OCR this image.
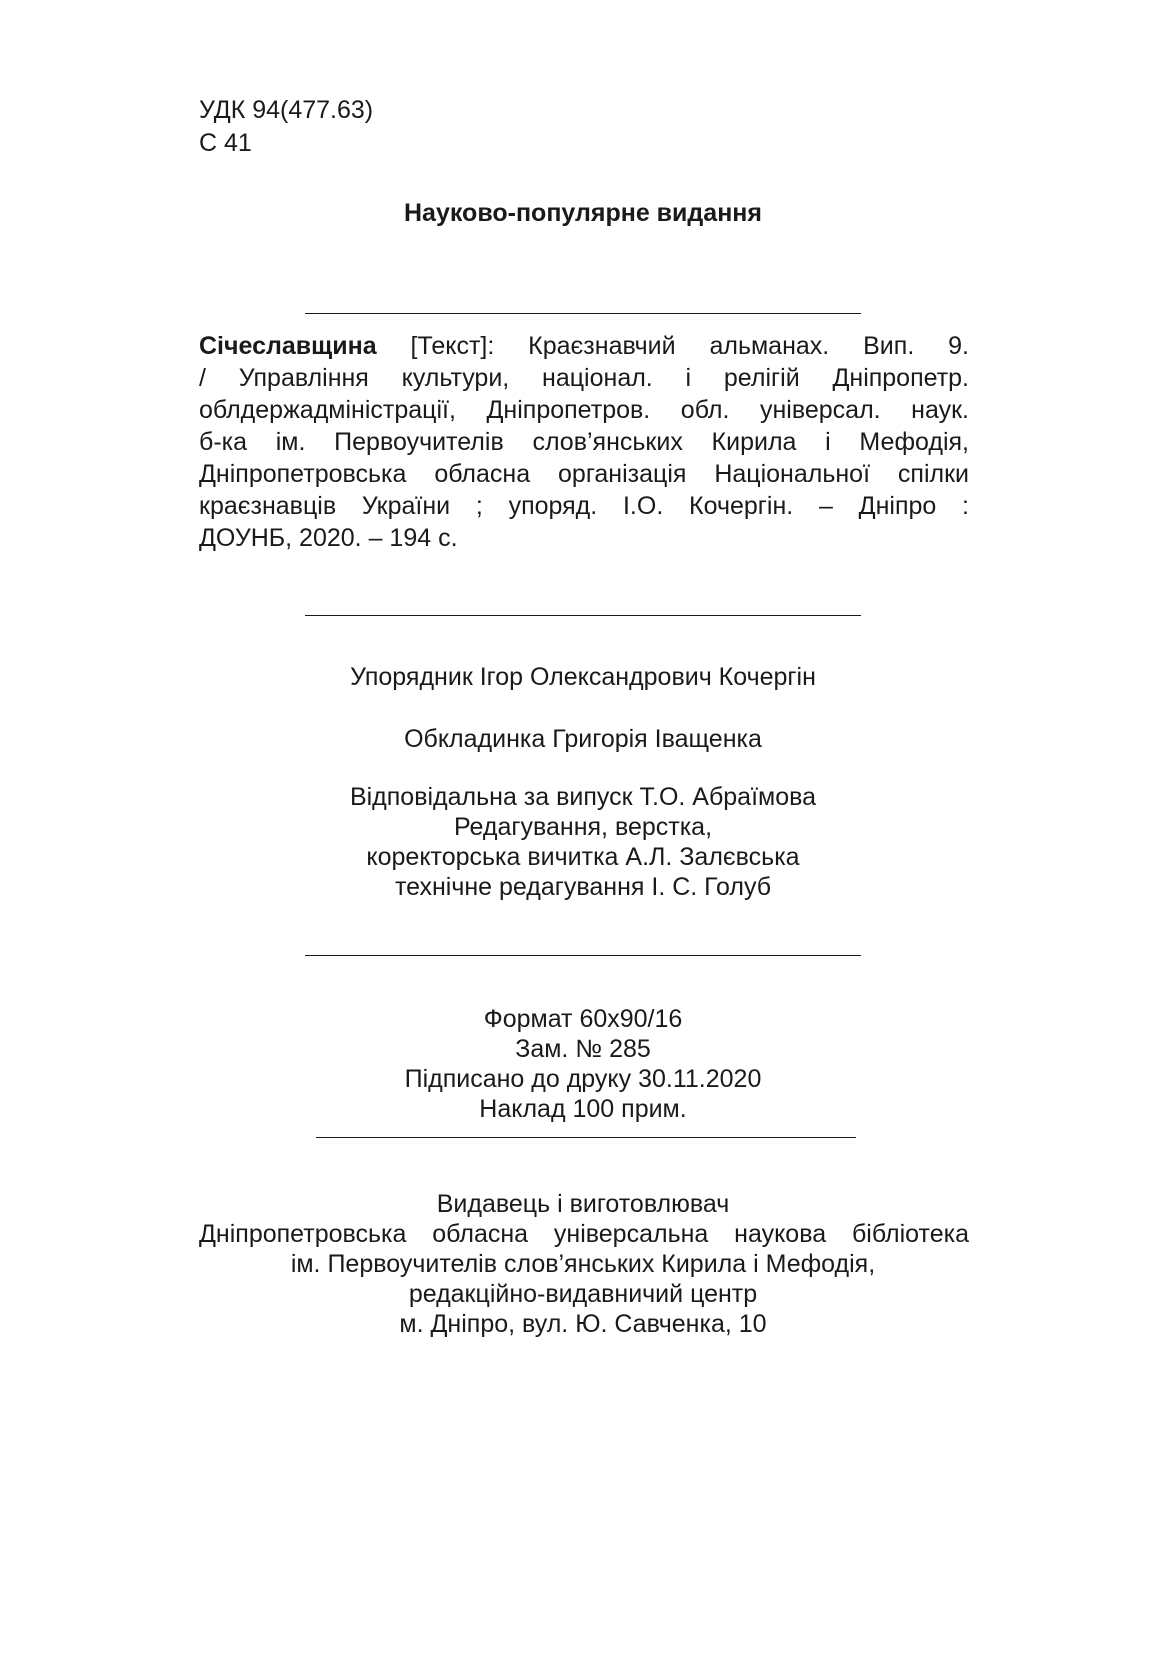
УДК 94(477.63)
С 41
Науково-популярне видання
Січеславщина [Текст]: Краєзнавчий альманах. Вип. 9.
/ Управління культури, націонал. і релігій Дніпропетр.
облдержадміністрації, Дніпропетров. обл. універсал. наук.
б-ка ім. Первоучителів слов’янських Кирила і Мефодія,
Дніпропетровська обласна організація Національної спілки
краєзнавців України ; упоряд. І.О. Кочергін. – Дніпро :
ДОУНБ, 2020. – 194 с.
Упорядник Ігор Олександрович Кочергін
Обкладинка Григорія Іващенка
Відповідальна за випуск Т.О. Абраїмова
Редагування, верстка,
коректорська вичитка А.Л. Залєвська
технічне редагування І. С. Голуб
Формат 60х90/16
Зам. № 285
Підписано до друку 30.11.2020
Наклад 100 прим.
Видавець і виготовлювач
Дніпропетровська обласна універсальна наукова бібліотека
ім. Первоучителів слов’янських Кирила і Мефодія,
редакційно-видавничий центр
м. Дніпро, вул. Ю. Савченка, 10
